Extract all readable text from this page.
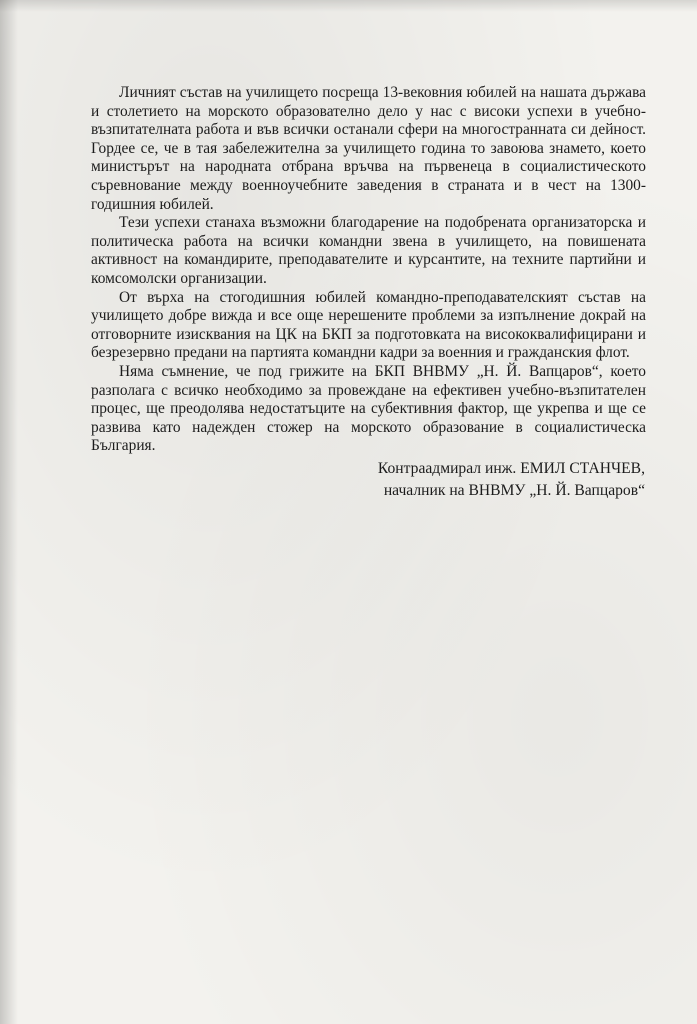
Личният състав на училището посреща 13-вековния юбилей на нашата държава и столетието на морското образователно дело у нас с високи успехи в учебно-възпитателната работа и във всички останали сфери на многостранната си дейност. Гордее се, че в тая забележителна за училището година то завоюва знамето, което министърът на народната отбрана връчва на първенеца в социалистическото съревнование между военноучебните заведения в страната и в чест на 1300-годишния юбилей.

Тези успехи станаха възможни благодарение на подобрената организаторска и политическа работа на всички командни звена в училището, на повишената активност на командирите, преподавателите и курсантите, на техните партийни и комсомолски организации.

От върха на стогодишния юбилей командно-преподавателският състав на училището добре вижда и все още нерешените проблеми за изпълнение докрай на отговорните изисквания на ЦК на БКП за подготовката на висококвалифицирани и безрезервно предани на партията командни кадри за военния и гражданския флот.

Няма съмнение, че под грижите на БКП ВНВМУ „Н. Й. Вапцаров“, което разполага с всичко необходимо за провеждане на ефективен учебно-възпитателен процес, ще преодолява недостатъците на субективния фактор, ще укрепва и ще се развива като надежден стожер на морското образование в социалистическа България.

Контраадмирал инж. ЕМИЛ СТАНЧЕВ,
началник на ВНВМУ „Н. Й. Вапцаров“
